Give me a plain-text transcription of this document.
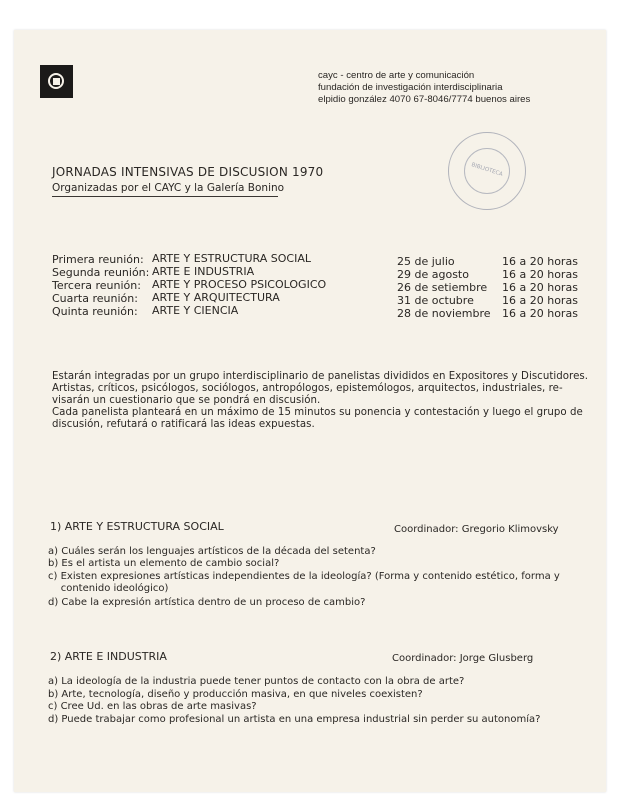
cayc - centro de arte y comunicación
fundación de investigación interdisciplinaria
elpidio gonzález 4070 67-8046/7774 buenos aires
BIBLIOTECA
JORNADAS INTENSIVAS DE DISCUSION 1970
Organizadas por el CAYC y la Galería Bonino
Primera reunión: ARTE Y ESTRUCTURA SOCIAL	25 de julio	16 a 20 horas
Segunda reunión: ARTE E INDUSTRIA	29 de agosto	16 a 20 horas
Tercera reunión: ARTE Y PROCESO PSICOLOGICO	26 de setiembre 16 a 20 horas
Cuarta reunión: ARTE Y ARQUITECTURA	31 de octubre	16 a 20 horas
Quinta reunión: ARTE Y CIENCIA	28 de noviembre 16 a 20 horas
Estarán integradas por un grupo interdisciplinario de panelistas divididos en Expositores y Discutidores.
Artistas, críticos, psicólogos, sociólogos, antropólogos, epistemólogos, arquitectos, industriales, re-
visarán un cuestionario que se pondrá en discusión.
Cada panelista planteará en un máximo de 15 minutos su ponencia y contestación y luego el grupo de
discusión, refutará o ratificará las ideas expuestas.
1) ARTE Y ESTRUCTURA SOCIAL	Coordinador: Gregorio Klimovsky
a) Cuáles serán los lenguajes artísticos de la década del setenta?
b) Es el artista un elemento de cambio social?
c) Existen expresiones artísticas independientes de la ideología? (Forma y contenido estético, forma y
contenido ideológico)
d) Cabe la expresión artística dentro de un proceso de cambio?
2) ARTE E INDUSTRIA	Coordinador: Jorge Glusberg
a) La ideología de la industria puede tener puntos de contacto con la obra de arte?
b) Arte, tecnología, diseño y producción masiva, en que niveles coexisten?
c) Cree Ud. en las obras de arte masivas?
d) Puede trabajar como profesional un artista en una empresa industrial sin perder su autonomía?
